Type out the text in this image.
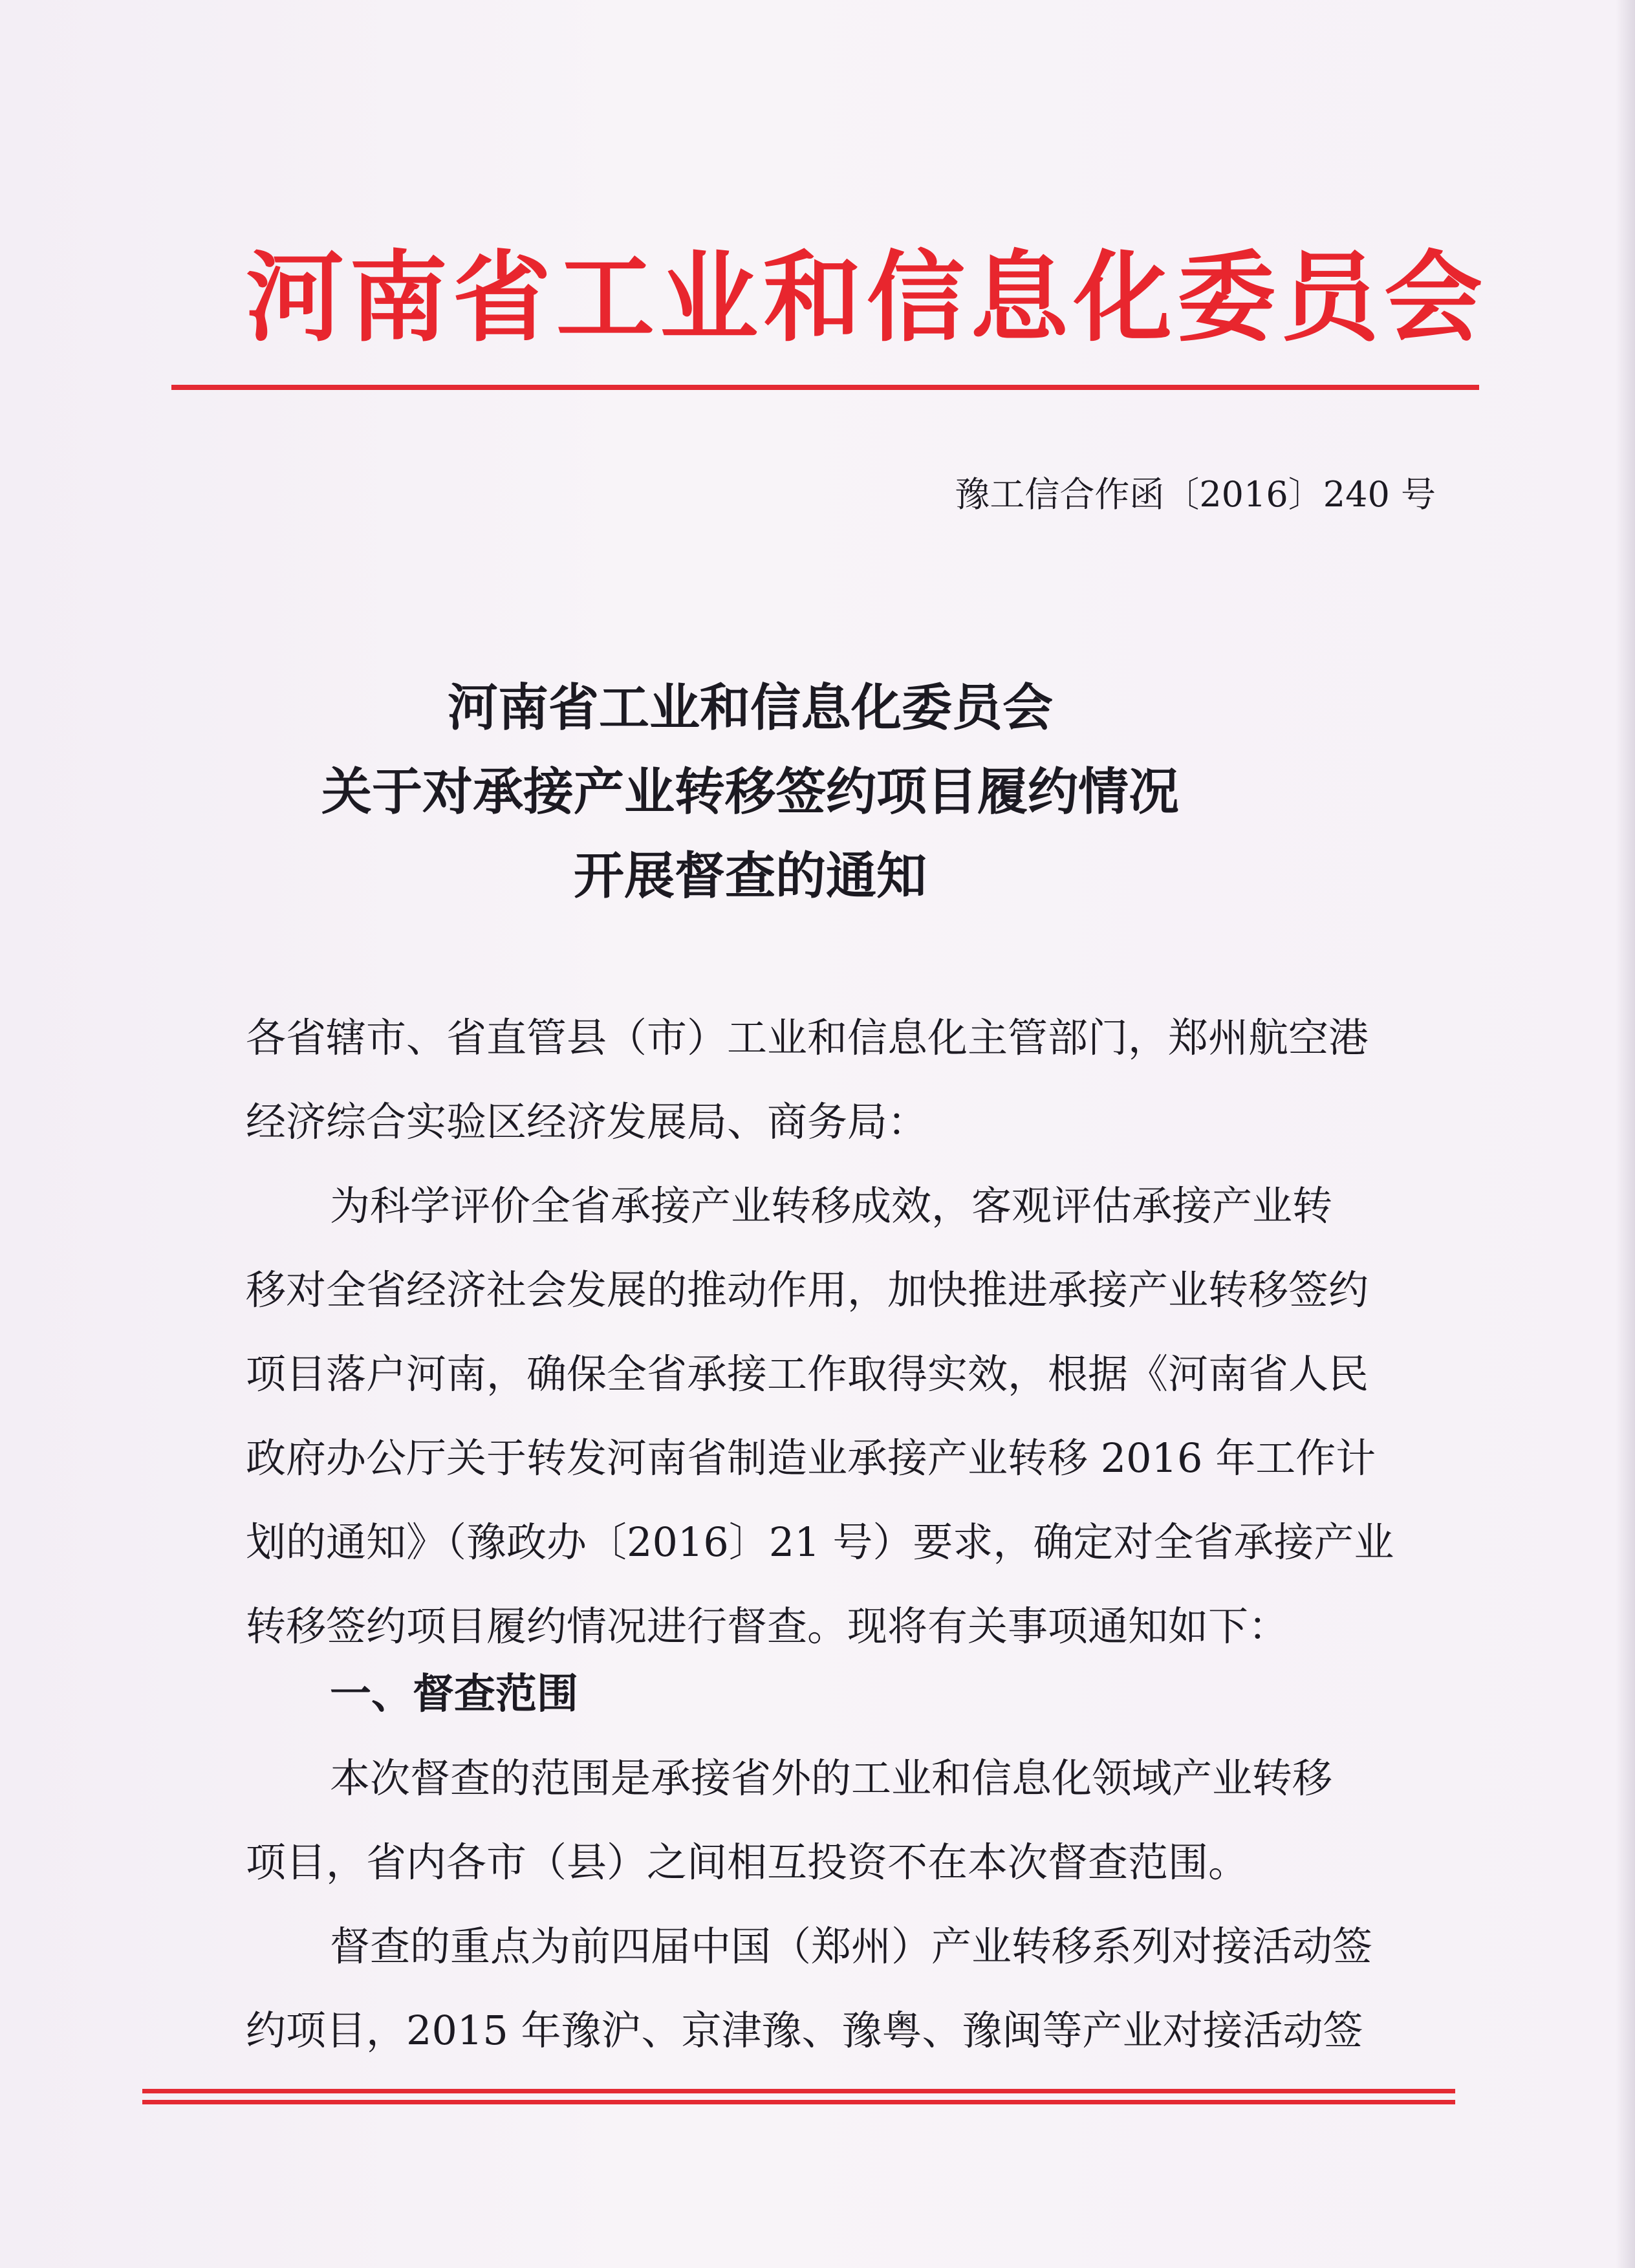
河南省工业和信息化委员会
豫工信合作函〔2016〕240 号
河南省工业和信息化委员会
关于对承接产业转移签约项目履约情况
开展督查的通知
各省辖市、省直管县（市）工业和信息化主管部门，郑州航空港
经济综合实验区经济发展局、商务局：
为科学评价全省承接产业转移成效，客观评估承接产业转
移对全省经济社会发展的推动作用，加快推进承接产业转移签约
项目落户河南，确保全省承接工作取得实效，根据《河南省人民
政府办公厅关于转发河南省制造业承接产业转移 2016 年工作计
划的通知》（豫政办〔2016〕21 号）要求，确定对全省承接产业
转移签约项目履约情况进行督查。现将有关事项通知如下：
一、督查范围
本次督查的范围是承接省外的工业和信息化领域产业转移
项目，省内各市（县）之间相互投资不在本次督查范围。
督查的重点为前四届中国（郑州）产业转移系列对接活动签
约项目，2015 年豫沪、京津豫、豫粤、豫闽等产业对接活动签
